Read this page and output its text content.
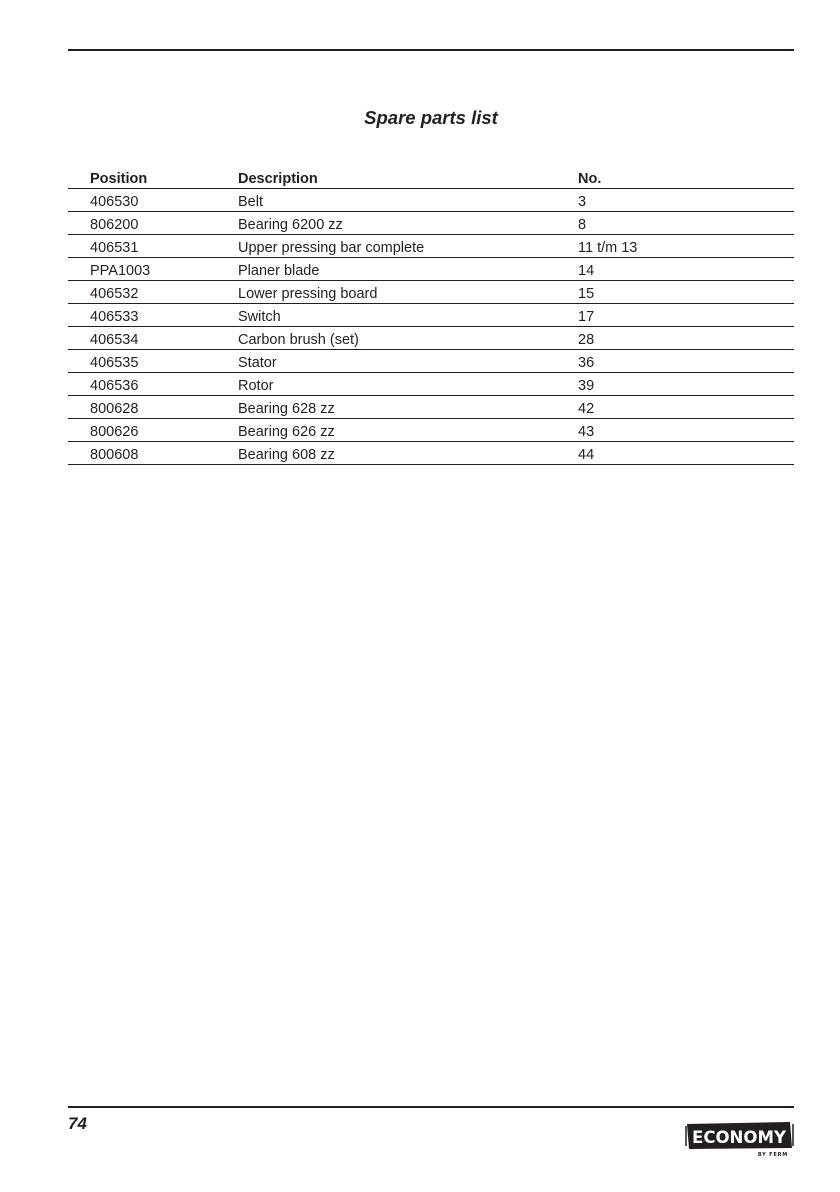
Spare parts list
Position	Description	No.
406530	Belt	3
806200	Bearing 6200 zz	8
406531	Upper pressing bar complete	11 t/m 13
PPA1003	Planer blade	14
406532	Lower pressing board	15
406533	Switch	17
406534	Carbon brush (set)	28
406535	Stator	36
406536	Rotor	39
800628	Bearing 628 zz	42
800626	Bearing 626 zz	43
800608	Bearing 608 zz	44
74
ECONOMY
BY FERM
